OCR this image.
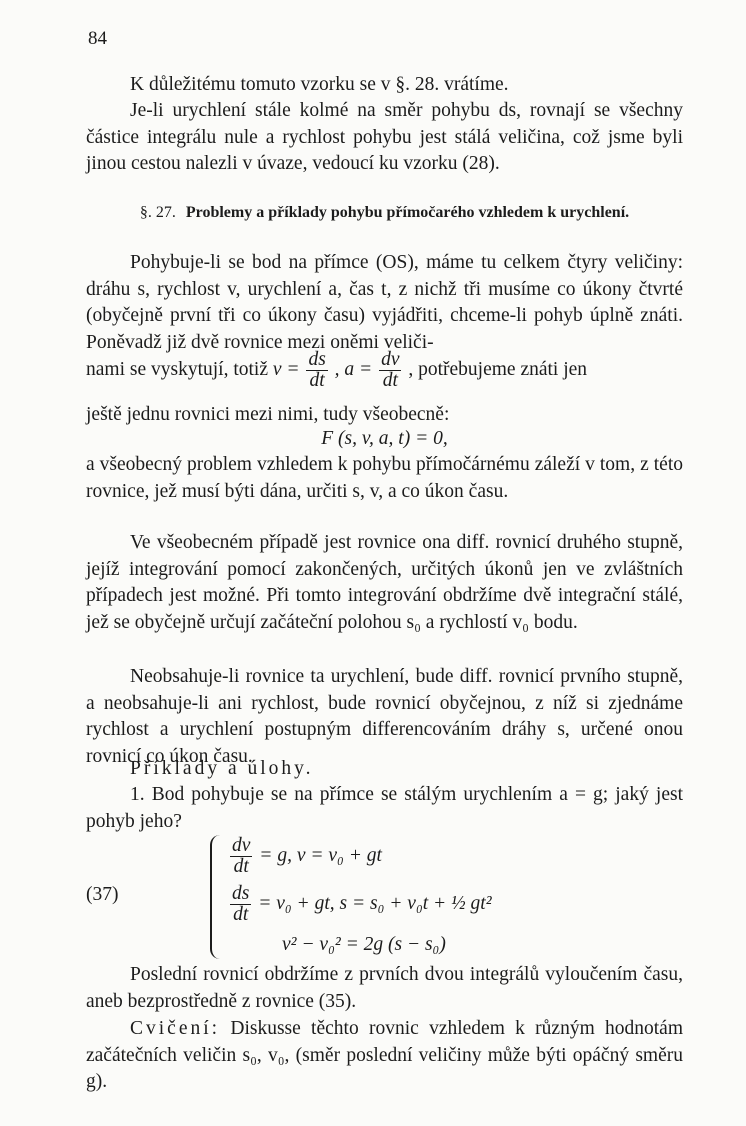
84
K důležitému tomuto vzorku se v §. 28. vrátíme.
Je-li urychlení stále kolmé na směr pohybu ds, rovnají se všechny částice integrálu nule a rychlost pohybu jest stálá veličina, což jsme byli jinou cestou nalezli v úvaze, vedoucí ku vzorku (28).
§. 27. Problemy a příklady pohybu přímočarého vzhledem k urychlení.
Pohybuje-li se bod na přímce (OS), máme tu celkem čtyry veličiny: dráhu s, rychlost v, urychlení a, čas t, z nichž tři musíme co úkony čtvrté (obyčejně první tři co úkony času) vyjádřiti, chceme-li pohyb úplně znáti. Poněvadž již dvě rovnice mezi oněmi veliči-
nami se vyskytují, totiž $v = \frac{ds}{dt}$ , $a = \frac{dv}{dt}$ , potřebujeme znáti jen
ještě jednu rovnici mezi nimi, tudy všeobecně:
F (s, v, a, t) = 0,
a všeobecný problem vzhledem k pohybu přímočárnému záleží v tom, z této rovnice, jež musí býti dána, určiti s, v, a co úkon času.
Ve všeobecném případě jest rovnice ona diff. rovnicí druhého stupně, jejíž integrování pomocí zakončených, určitých úkonů jen ve zvláštních případech jest možné. Při tomto integrování obdržíme dvě integrační stálé, jež se obyčejně určují začáteční polohou s₀ a rychlostí v₀ bodu.
Neobsahuje-li rovnice ta urychlení, bude diff. rovnicí prvního stupně, a neobsahuje-li ani rychlost, bude rovnicí obyčejnou, z níž si zjednáme rychlost a urychlení postupným differencováním dráhy s, určené onou rovnicí co úkon času.
Příklady a úlohy.
1. Bod pohybuje se na přímce se stálým urychlením a = g; jaký jest pohyb jeho?
(37)
$\frac{dv}{dt} = g$, v = v₀ + gt
$\frac{ds}{dt} = v_0$ + gt, s = s₀ + v₀t + ½ gt²
v² − v₀² = 2g (s − s₀)
Poslední rovnicí obdržíme z prvních dvou integrálů vyloučením času, aneb bezprostředně z rovnice (35).
Cvičení: Diskusse těchto rovnic vzhledem k různým hodnotám začátečních veličin s₀, v₀, (směr poslední veličiny může býti opáčný směru g).
